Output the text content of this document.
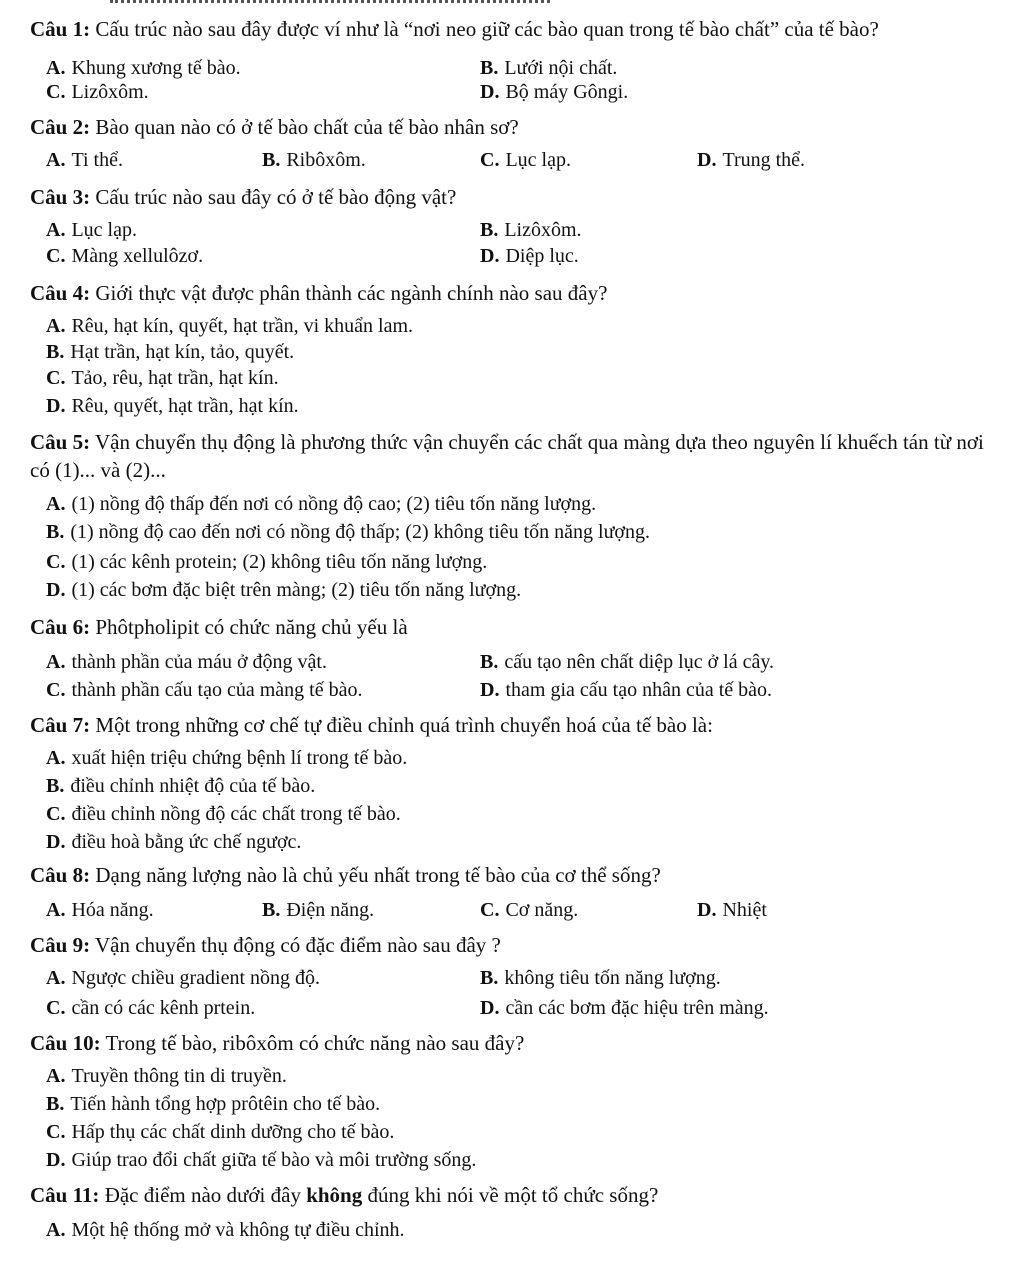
Câu 1: Cấu trúc nào sau đây được ví như là “nơi neo giữ các bào quan trong tế bào chất” của tế bào?
A. Khung xương tế bào.	B. Lưới nội chất.
C. Lizôxôm.	D. Bộ máy Gôngi.
Câu 2: Bào quan nào có ở tế bào chất của tế bào nhân sơ?
A. Ti thể.	B. Ribôxôm.	C. Lục lạp.	D. Trung thể.
Câu 3: Cấu trúc nào sau đây có ở tế bào động vật?
A. Lục lạp.	B. Lizôxôm.
C. Màng xellulôzơ.	D. Diệp lục.
Câu 4: Giới thực vật được phân thành các ngành chính nào sau đây?
A. Rêu, hạt kín, quyết, hạt trần, vi khuẩn lam.
B. Hạt trần, hạt kín, tảo, quyết.
C. Tảo, rêu, hạt trần, hạt kín.
D. Rêu, quyết, hạt trần, hạt kín.
Câu 5: Vận chuyển thụ động là phương thức vận chuyển các chất qua màng dựa theo nguyên lí khuếch tán từ nơi có (1)... và (2)...
A. (1) nồng độ thấp đến nơi có nồng độ cao; (2) tiêu tốn năng lượng.
B. (1) nồng độ cao đến nơi có nồng độ thấp; (2) không tiêu tốn năng lượng.
C. (1) các kênh protein; (2) không tiêu tốn năng lượng.
D. (1) các bơm đặc biệt trên màng; (2) tiêu tốn năng lượng.
Câu 6: Phôtpholipit có chức năng chủ yếu là
A. thành phần của máu ở động vật.	B. cấu tạo nên chất diệp lục ở lá cây.
C. thành phần cấu tạo của màng tế bào.	D. tham gia cấu tạo nhân của tế bào.
Câu 7: Một trong những cơ chế tự điều chỉnh quá trình chuyển hoá của tế bào là:
A. xuất hiện triệu chứng bệnh lí trong tế bào.
B. điều chỉnh nhiệt độ của tế bào.
C. điều chỉnh nồng độ các chất trong tế bào.
D. điều hoà bằng ức chế ngược.
Câu 8: Dạng năng lượng nào là chủ yếu nhất trong tế bào của cơ thể sống?
A. Hóa năng.	B. Điện năng.	C. Cơ năng.	D. Nhiệt
Câu 9: Vận chuyển thụ động có đặc điểm nào sau đây ?
A. Ngược chiều gradient nồng độ.	B. không tiêu tốn năng lượng.
C. cần có các kênh prtein.	D. cần các bơm đặc hiệu trên màng.
Câu 10: Trong tế bào, ribôxôm có chức năng nào sau đây?
A. Truyền thông tin di truyền.
B. Tiến hành tổng hợp prôtêin cho tế bào.
C. Hấp thụ các chất dinh dưỡng cho tế bào.
D. Giúp trao đổi chất giữa tế bào và môi trường sống.
Câu 11: Đặc điểm nào dưới đây không đúng khi nói về một tổ chức sống?
A. Một hệ thống mở và không tự điều chỉnh.
